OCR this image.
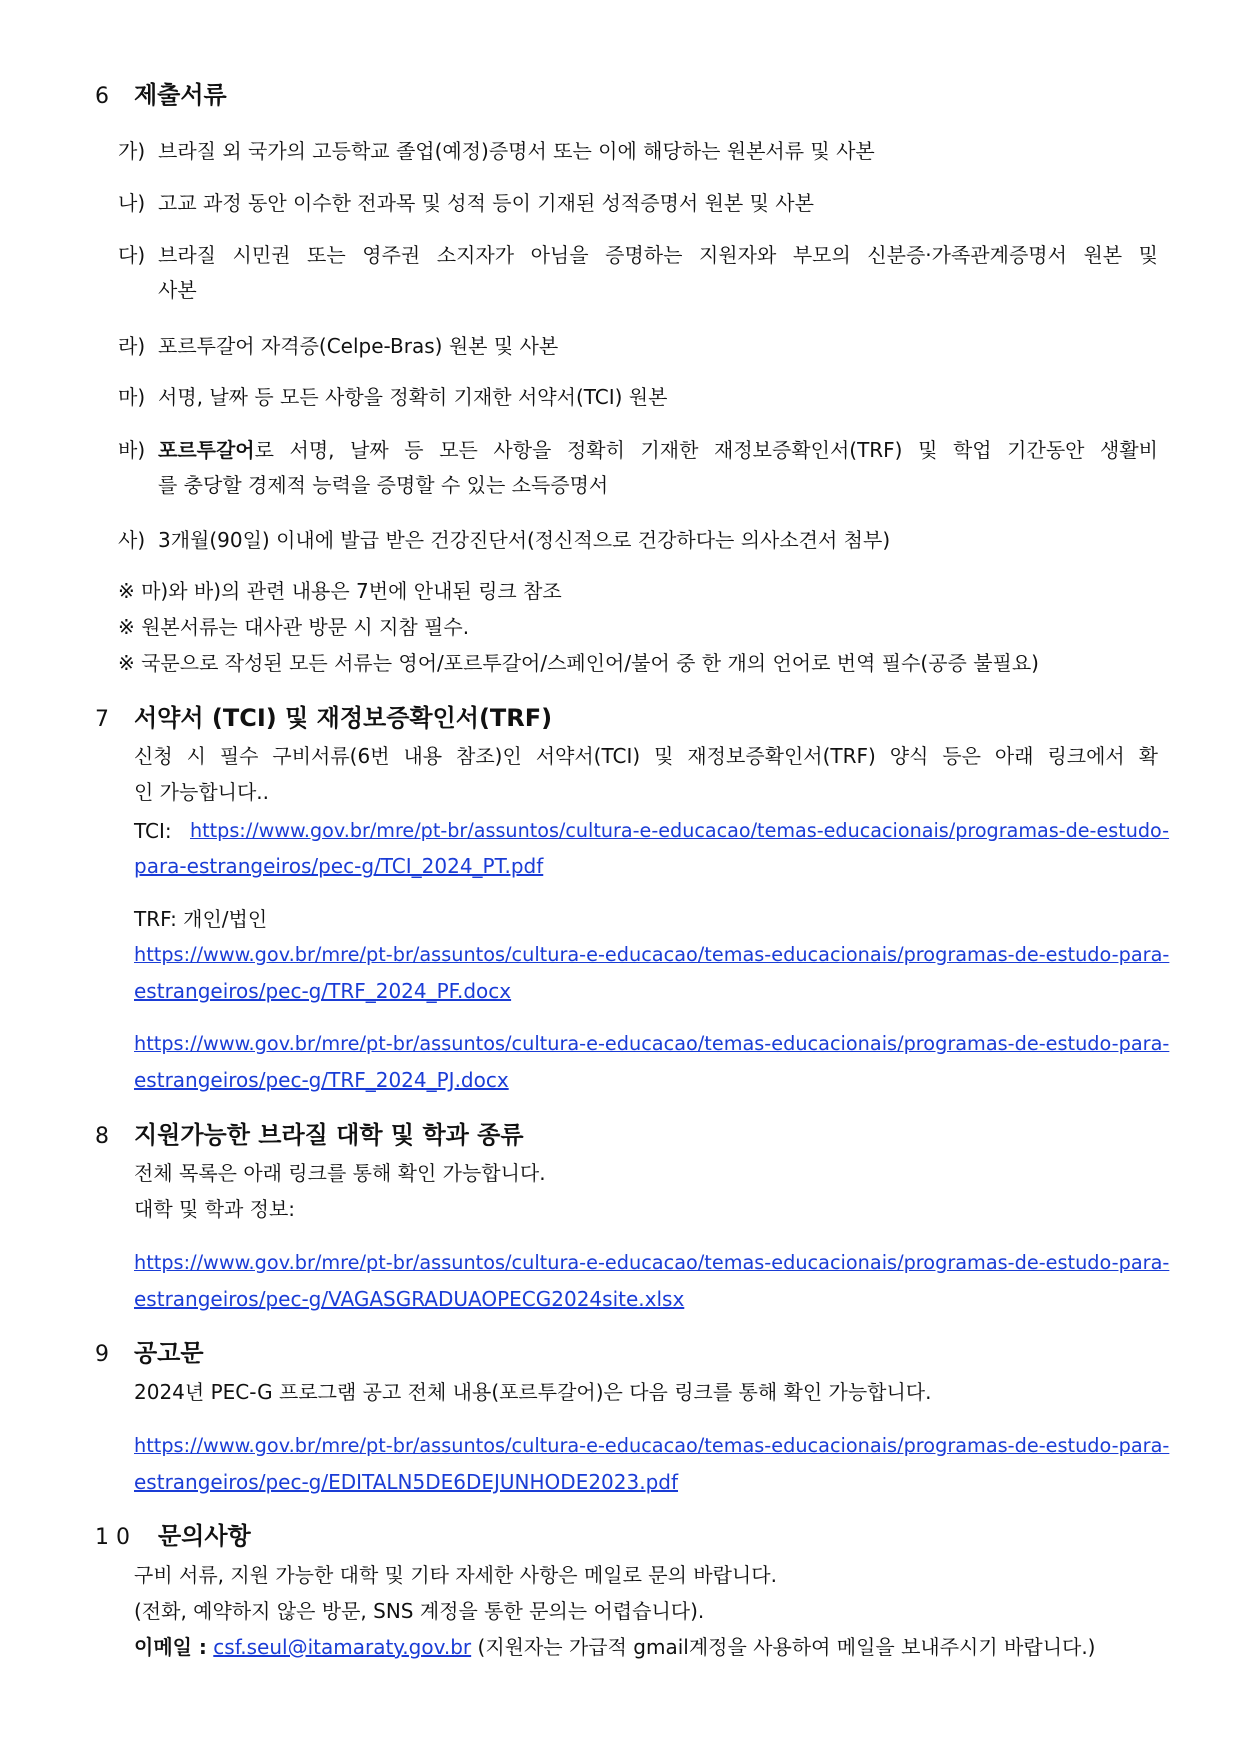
6 제출서류
가) 브라질 외 국가의 고등학교 졸업(예정)증명서 또는 이에 해당하는 원본서류 및 사본
나) 고교 과정 동안 이수한 전과목 및 성적 등이 기재된 성적증명서 원본 및 사본
다) 브라질 시민권 또는 영주권 소지자가 아님을 증명하는 지원자와 부모의 신분증·가족관계증명서 원본 및
사본
라) 포르투갈어 자격증(Celpe-Bras) 원본 및 사본
마) 서명, 날짜 등 모든 사항을 정확히 기재한 서약서(TCI) 원본
바) 포르투갈어로 서명, 날짜 등 모든 사항을 정확히 기재한 재정보증확인서(TRF) 및 학업 기간동안 생활비
를 충당할 경제적 능력을 증명할 수 있는 소득증명서
사) 3개월(90일) 이내에 발급 받은 건강진단서(정신적으로 건강하다는 의사소견서 첨부)
※ 마)와 바)의 관련 내용은 7번에 안내된 링크 참조
※ 원본서류는 대사관 방문 시 지참 필수.
※ 국문으로 작성된 모든 서류는 영어/포르투갈어/스페인어/불어 중 한 개의 언어로 번역 필수(공증 불필요)
7 서약서 (TCI) 및 재정보증확인서(TRF)
신청 시 필수 구비서류(6번 내용 참조)인 서약서(TCI) 및 재정보증확인서(TRF) 양식 등은 아래 링크에서 확
인 가능합니다..
TCI: https://www.gov.br/mre/pt-br/assuntos/cultura-e-educacao/temas-educacionais/programas-de-estudo-
para-estrangeiros/pec-g/TCI_2024_PT.pdf
TRF: 개인/법인
https://www.gov.br/mre/pt-br/assuntos/cultura-e-educacao/temas-educacionais/programas-de-estudo-para-
estrangeiros/pec-g/TRF_2024_PF.docx
https://www.gov.br/mre/pt-br/assuntos/cultura-e-educacao/temas-educacionais/programas-de-estudo-para-
estrangeiros/pec-g/TRF_2024_PJ.docx
8 지원가능한 브라질 대학 및 학과 종류
전체 목록은 아래 링크를 통해 확인 가능합니다.
대학 및 학과 정보:
https://www.gov.br/mre/pt-br/assuntos/cultura-e-educacao/temas-educacionais/programas-de-estudo-para-
estrangeiros/pec-g/VAGASGRADUAOPECG2024site.xlsx
9 공고문
2024년 PEC-G 프로그램 공고 전체 내용(포르투갈어)은 다음 링크를 통해 확인 가능합니다.
https://www.gov.br/mre/pt-br/assuntos/cultura-e-educacao/temas-educacionais/programas-de-estudo-para-
estrangeiros/pec-g/EDITALN5DE6DEJUNHODE2023.pdf
1 0 문의사항
구비 서류, 지원 가능한 대학 및 기타 자세한 사항은 메일로 문의 바랍니다.
(전화, 예약하지 않은 방문, SNS 계정을 통한 문의는 어렵습니다).
이메일 : csf.seul@itamaraty.gov.br (지원자는 가급적 gmail계정을 사용하여 메일을 보내주시기 바랍니다.)
